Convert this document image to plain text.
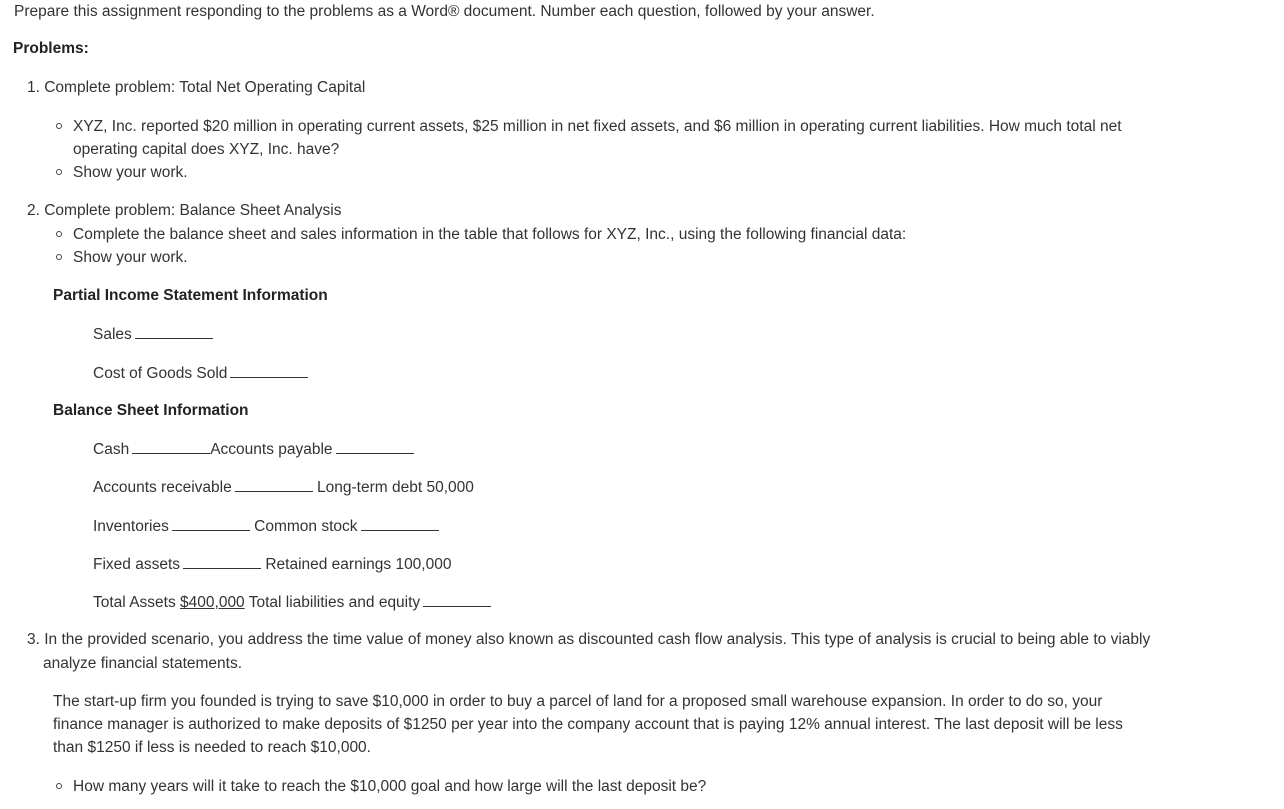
Prepare this assignment responding to the problems as a Word® document. Number each question, followed by your answer.
Problems:
1. Complete problem: Total Net Operating Capital
XYZ, Inc. reported $20 million in operating current assets, $25 million in net fixed assets, and $6 million in operating current liabilities. How much total net
operating capital does XYZ, Inc. have?
Show your work.
2. Complete problem: Balance Sheet Analysis
Complete the balance sheet and sales information in the table that follows for XYZ, Inc., using the following financial data:
Show your work.
Partial Income Statement Information
Sales
Cost of Goods Sold
Balance Sheet Information
Cash	Accounts payable
Accounts receivable	Long-term debt 50,000
Inventories	Common stock
Fixed assets	Retained earnings 100,000
Total Assets $400,000 Total liabilities and equity
3. In the provided scenario, you address the time value of money also known as discounted cash flow analysis. This type of analysis is crucial to being able to viably
analyze financial statements.
The start-up firm you founded is trying to save $10,000 in order to buy a parcel of land for a proposed small warehouse expansion. In order to do so, your
finance manager is authorized to make deposits of $1250 per year into the company account that is paying 12% annual interest. The last deposit will be less
than $1250 if less is needed to reach $10,000.
How many years will it take to reach the $10,000 goal and how large will the last deposit be?
